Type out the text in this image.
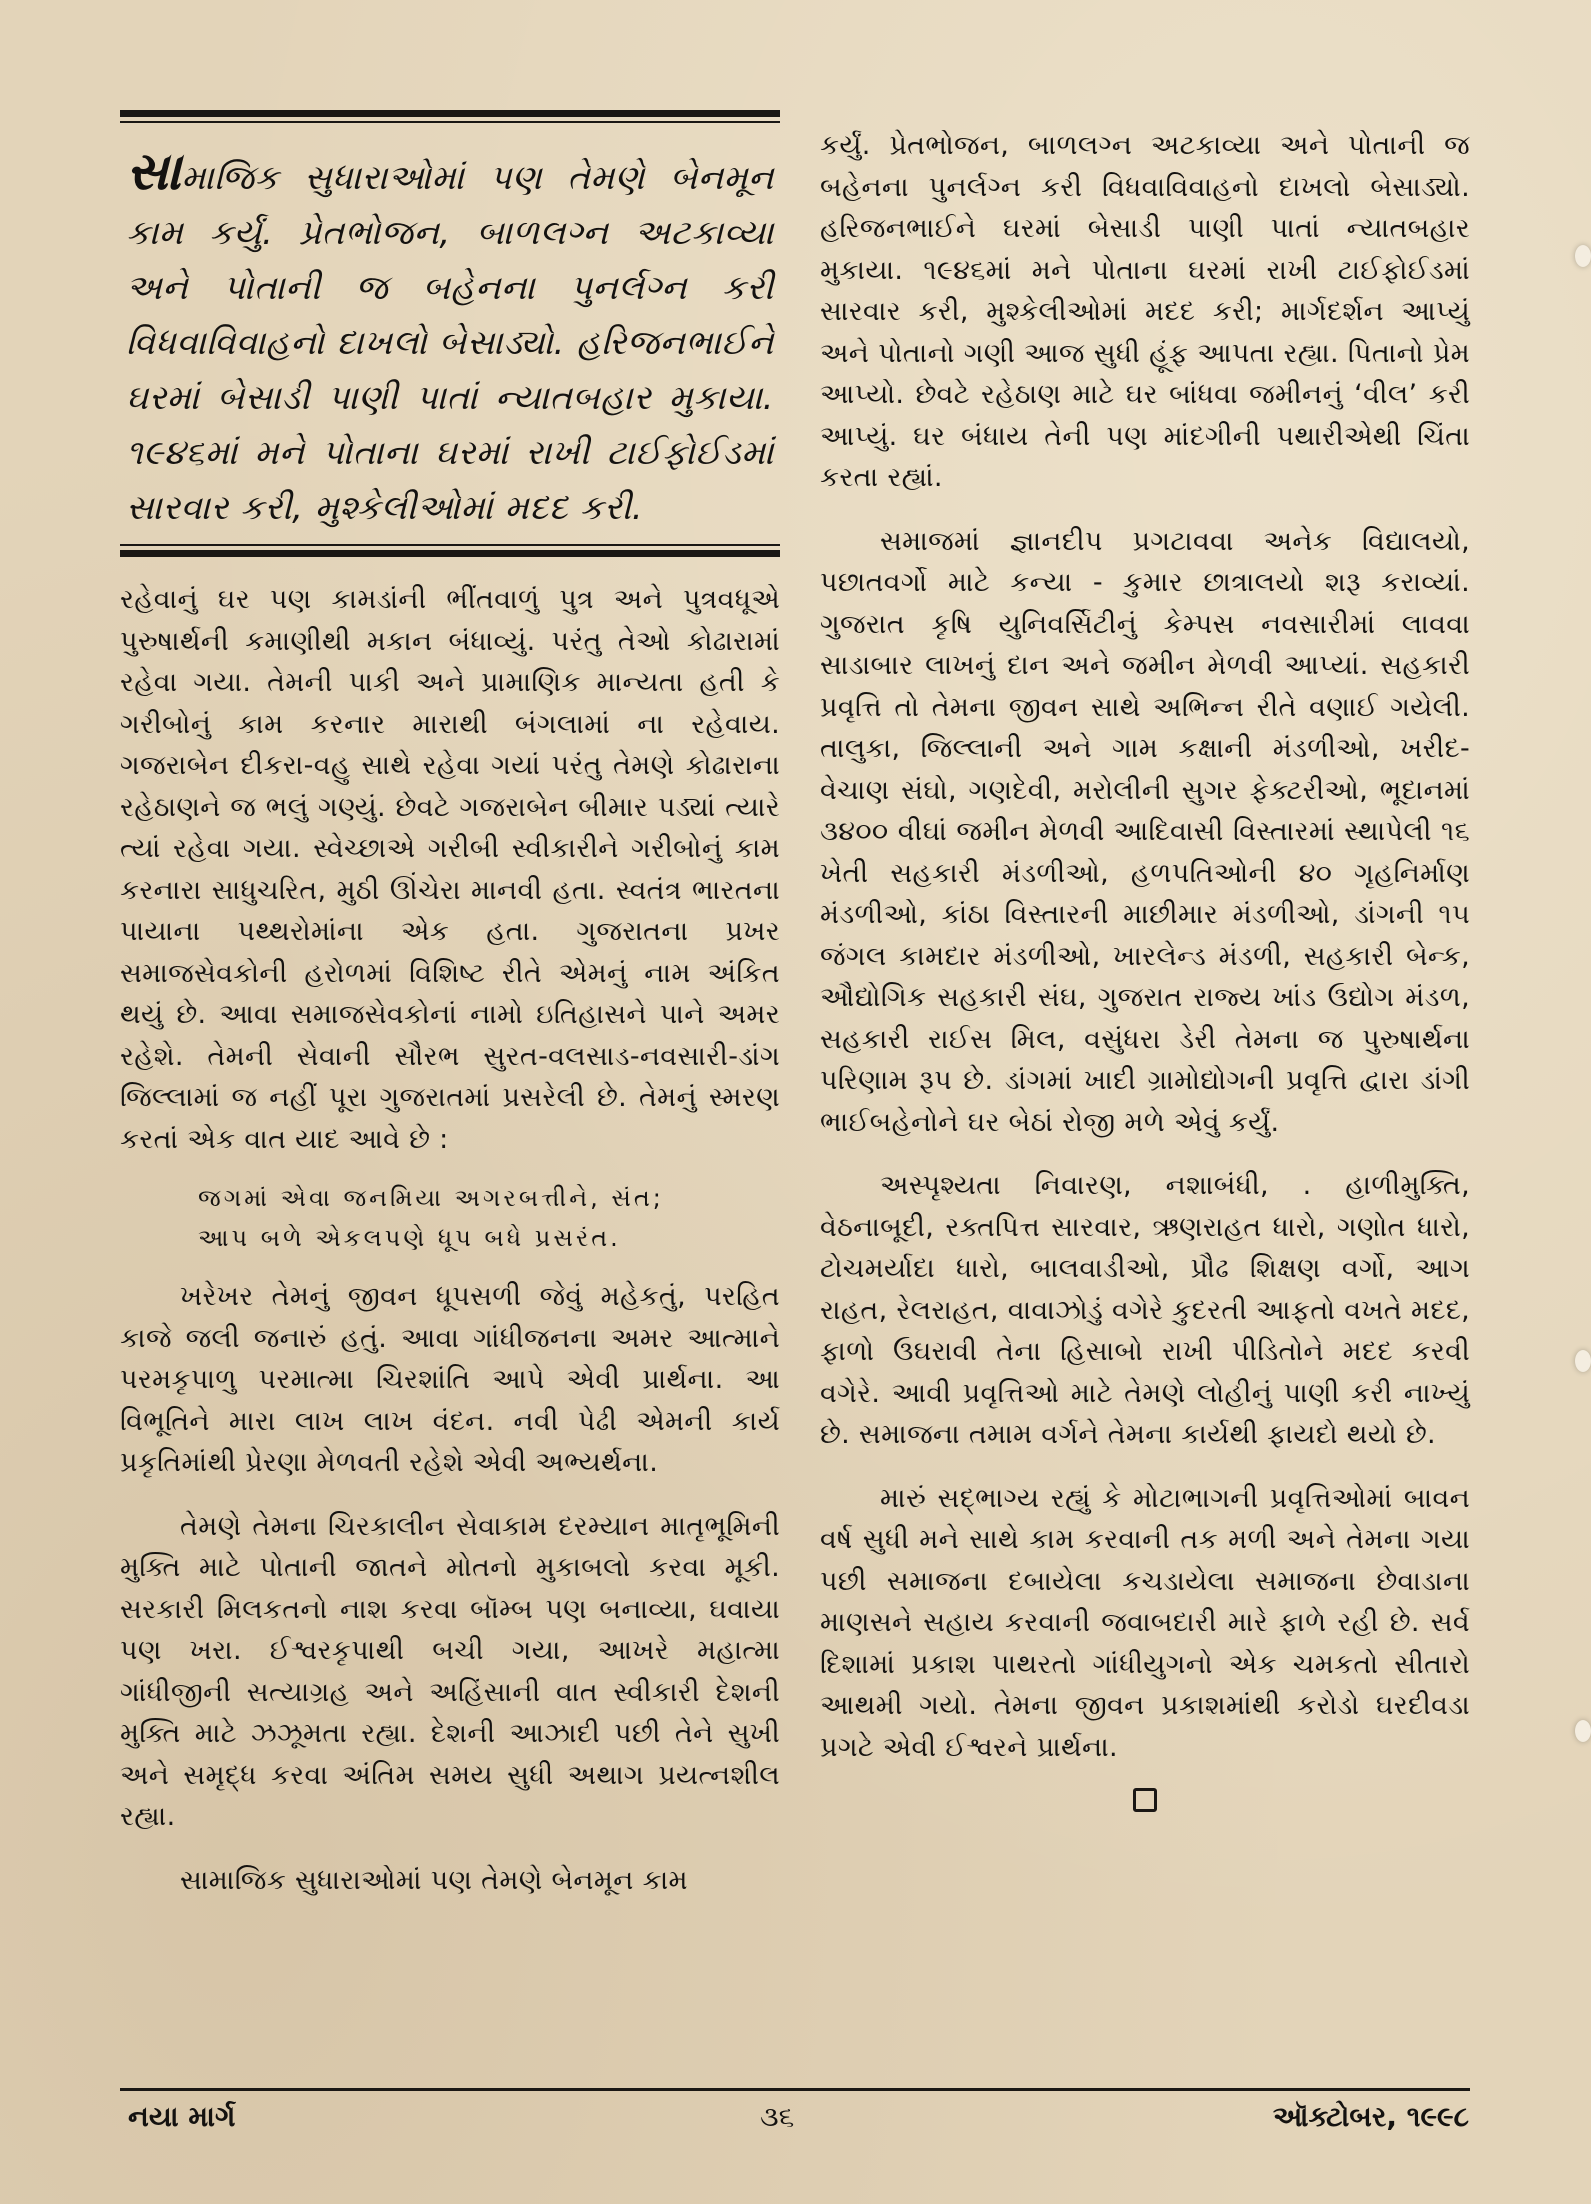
સામાજિક સુધારાઓમાં પણ તેમણે બેનમૂન કામ કર્યું. પ્રેતભોજન, બાળલગ્ન અટકાવ્યા અને પોતાની જ બહેનના પુનર્લગ્ન કરી વિધવાવિવાહનો દાખલો બેસાડ્યો. હરિજનભાઈને ઘરમાં બેસાડી પાણી પાતાં ન્યાતબહાર મુકાયા. ૧૯૪૬માં મને પોતાના ઘરમાં રાખી ટાઈફોઈડમાં સારવાર કરી, મુશ્કેલીઓમાં મદદ કરી.

રહેવાનું ઘર પણ કામડાંની ભીંતવાળું પુત્ર અને પુત્રવધૂએ પુરુષાર્થની કમાણીથી મકાન બંધાવ્યું. પરંતુ તેઓ કોઢારામાં રહેવા ગયા. તેમની પાકી અને પ્રામાણિક માન્યતા હતી કે ગરીબોનું કામ કરનાર મારાથી બંગલામાં ના રહેવાય. ગજરાબેન દીકરા-વહુ સાથે રહેવા ગયાં પરંતુ તેમણે કોઢારાના રહેઠાણને જ ભલું ગણ્યું. છેવટે ગજરાબેન બીમાર પડ્યાં ત્યારે ત્યાં રહેવા ગયા. સ્વેચ્છાએ ગરીબી સ્વીકારીને ગરીબોનું કામ કરનારા સાધુચરિત, મુઠી ઊંચેરા માનવી હતા. સ્વતંત્ર ભારતના પાયાના પથ્થરોમાંના એક હતા. ગુજરાતના પ્રખર સમાજસેવકોની હરોળમાં વિશિષ્ટ રીતે એમનું નામ અંકિત થયું છે. આવા સમાજસેવકોનાં નામો ઇતિહાસને પાને અમર રહેશે. તેમની સેવાની સૌરભ સુરત-વલસાડ-નવસારી-ડાંગ જિલ્લામાં જ નહીં પૂરા ગુજરાતમાં પ્રસરેલી છે. તેમનું સ્મરણ કરતાં એક વાત યાદ આવે છે :

જગમાં એવા જનમિયા અગરબત્તીને, સંત;
આપ બળે એકલપણે ધૂપ બધે પ્રસરંત.

ખરેખર તેમનું જીવન ધૂપસળી જેવું મહેકતું, પરહિત કાજે જલી જનારું હતું. આવા ગાંધીજનના અમર આત્માને પરમકૃપાળુ પરમાત્મા ચિરશાંતિ આપે એવી પ્રાર્થના. આ વિભૂતિને મારા લાખ લાખ વંદન. નવી પેઢી એમની કાર્ય પ્રકૃતિમાંથી પ્રેરણા મેળવતી રહેશે એવી અભ્યર્થના.

તેમણે તેમના ચિરકાલીન સેવાકામ દરમ્યાન માતૃભૂમિની મુક્તિ માટે પોતાની જાતને મોતનો મુકાબલો કરવા મૂકી. સરકારી મિલકતનો નાશ કરવા બૉમ્બ પણ બનાવ્યા, ઘવાયા પણ ખરા. ઈશ્વરકૃપાથી બચી ગયા, આખરે મહાત્મા ગાંધીજીની સત્યાગ્રહ અને અહિંસાની વાત સ્વીકારી દેશની મુક્તિ માટે ઝઝૂમતા રહ્યા. દેશની આઝાદી પછી તેને સુખી અને સમૃદ્ધ કરવા અંતિમ સમય સુધી અથાગ પ્રયત્નશીલ રહ્યા.

સામાજિક સુધારાઓમાં પણ તેમણે બેનમૂન કામ

કર્યું. પ્રેતભોજન, બાળલગ્ન અટકાવ્યા અને પોતાની જ બહેનના પુનર્લગ્ન કરી વિધવાવિવાહનો દાખલો બેસાડ્યો. હરિજનભાઈને ઘરમાં બેસાડી પાણી પાતાં ન્યાતબહાર મુકાયા. ૧૯૪૬માં મને પોતાના ઘરમાં રાખી ટાઈફોઈડમાં સારવાર કરી, મુશ્કેલીઓમાં મદદ કરી; માર્ગદર્શન આપ્યું અને પોતાનો ગણી આજ સુધી હૂંફ આપતા રહ્યા. પિતાનો પ્રેમ આપ્યો. છેવટે રહેઠાણ માટે ઘર બાંધવા જમીનનું ‘વીલ’ કરી આપ્યું. ઘર બંધાય તેની પણ માંદગીની પથારીએથી ચિંતા કરતા રહ્યાં.

સમાજમાં જ્ઞાનદીપ પ્રગટાવવા અનેક વિદ્યાલયો, પછાતવર્ગો માટે કન્યા - કુમાર છાત્રાલયો શરૂ કરાવ્યાં. ગુજરાત કૃષિ યુનિવર્સિટીનું કેમ્પસ નવસારીમાં લાવવા સાડાબાર લાખનું દાન અને જમીન મેળવી આપ્યાં. સહકારી પ્રવૃત્તિ તો તેમના જીવન સાથે અભિન્ન રીતે વણાઈ ગયેલી. તાલુકા, જિલ્લાની અને ગામ કક્ષાની મંડળીઓ, ખરીદ-વેચાણ સંઘો, ગણદેવી, મરોલીની સુગર ફેક્ટરીઓ, ભૂદાનમાં ૩૪૦૦ વીઘાં જમીન મેળવી આદિવાસી વિસ્તારમાં સ્થાપેલી ૧૬ ખેતી સહકારી મંડળીઓ, હળપતિઓની ૪૦ ગૃહનિર્માણ મંડળીઓ, કાંઠા વિસ્તારની માછીમાર મંડળીઓ, ડાંગની ૧૫ જંગલ કામદાર મંડળીઓ, ખારલેન્ડ મંડળી, સહકારી બેન્ક, ઔદ્યોગિક સહકારી સંઘ, ગુજરાત રાજ્ય ખાંડ ઉદ્યોગ મંડળ, સહકારી રાઈસ મિલ, વસુંધરા ડેરી તેમના જ પુરુષાર્થના પરિણામ રૂપ છે. ડાંગમાં ખાદી ગ્રામોદ્યોગની પ્રવૃત્તિ દ્વારા ડાંગી ભાઈબહેનોને ઘર બેઠાં રોજી મળે એવું કર્યું.

અસ્પૃશ્યતા નિવારણ, નશાબંધી, . હાળીમુક્તિ, વેઠનાબૂદી, રક્તપિત્ત સારવાર, ઋણરાહત ધારો, ગણોત ધારો, ટોચમર્યાદા ધારો, બાલવાડીઓ, પ્રૌઢ શિક્ષણ વર્ગો, આગ રાહત, રેલરાહત, વાવાઝોડું વગેરે કુદરતી આફતો વખતે મદદ, ફાળો ઉઘરાવી તેના હિસાબો રાખી પીડિતોને મદદ કરવી વગેરે. આવી પ્રવૃત્તિઓ માટે તેમણે લોહીનું પાણી કરી નાખ્યું છે. સમાજના તમામ વર્ગને તેમના કાર્યથી ફાયદો થયો છે.

મારું સદ્‌ભાગ્ય રહ્યું કે મોટાભાગની પ્રવૃત્તિઓમાં બાવન વર્ષ સુધી મને સાથે કામ કરવાની તક મળી અને તેમના ગયા પછી સમાજના દબાયેલા કચડાયેલા સમાજના છેવાડાના માણસને સહાય કરવાની જવાબદારી મારે ફાળે રહી છે. સર્વ દિશામાં પ્રકાશ પાથરતો ગાંધીયુગનો એક ચમકતો સીતારો આથમી ગયો. તેમના જીવન પ્રકાશમાંથી કરોડો ઘરદીવડા પ્રગટે એવી ઈશ્વરને પ્રાર્થના.

નયા માર્ગ	૩૬	ઑક્ટોબર, ૧૯૯૮
